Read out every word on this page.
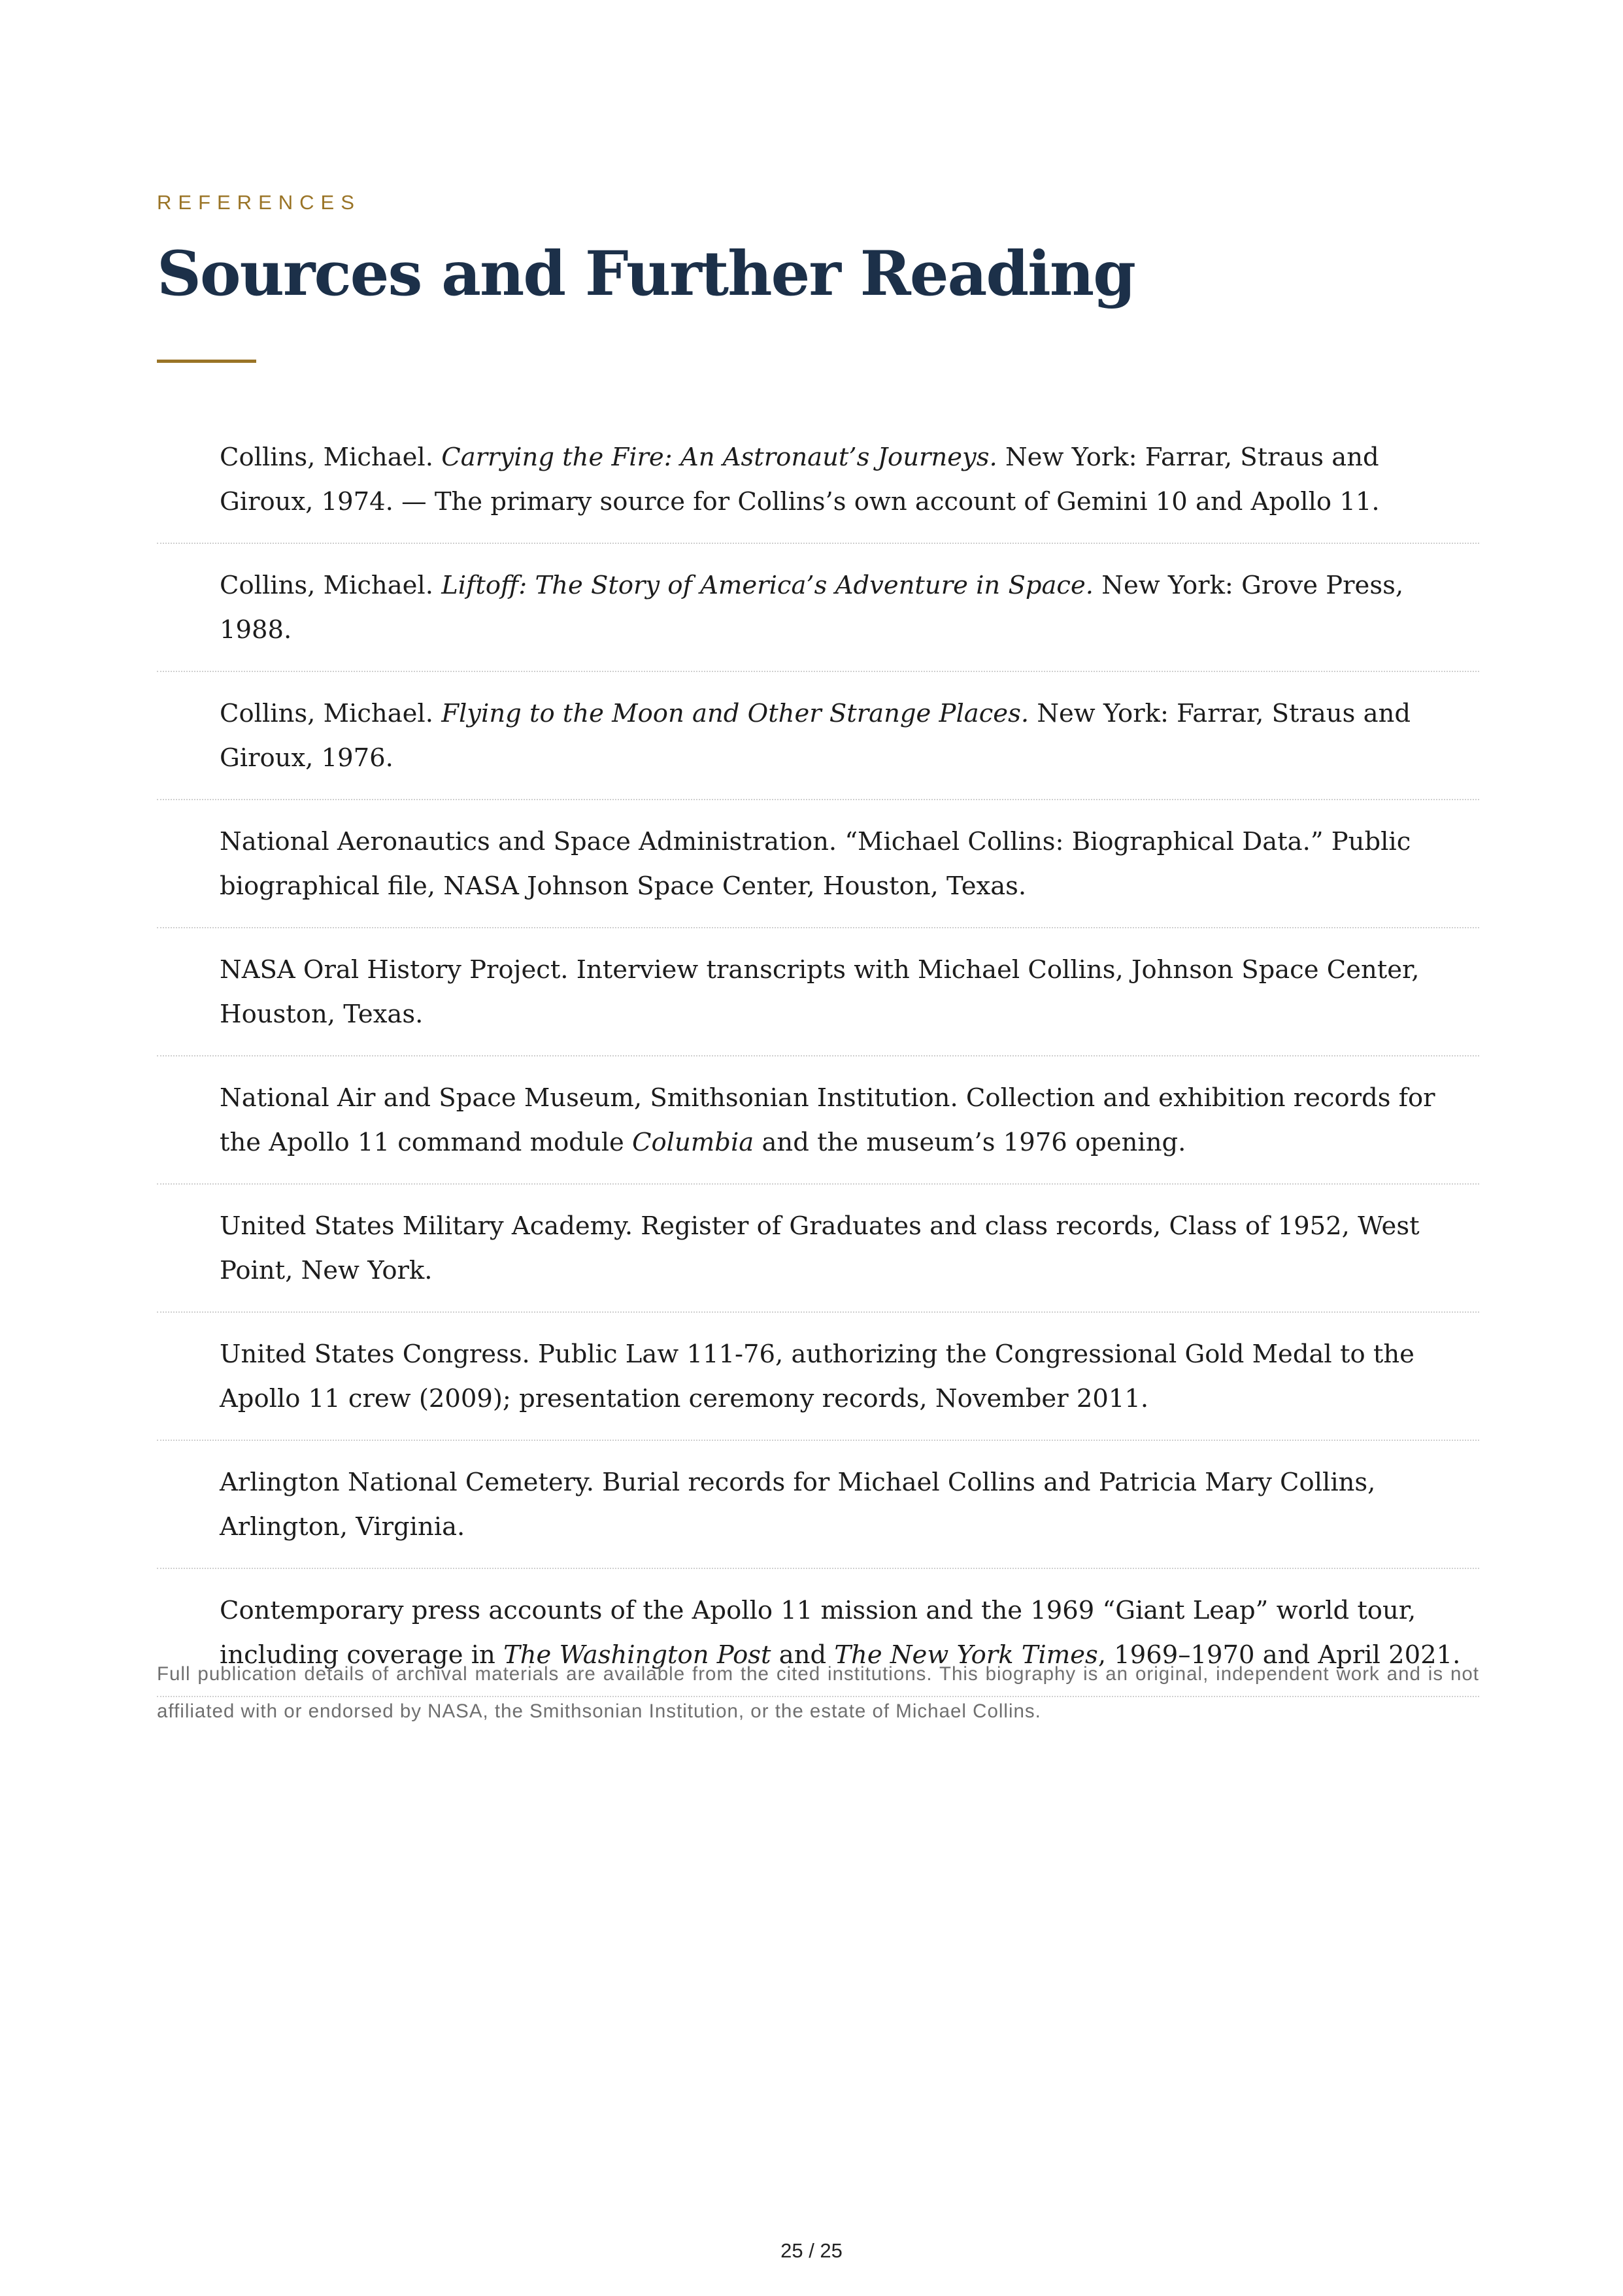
REFERENCES
Sources and Further Reading
Collins, Michael. Carrying the Fire: An Astronaut’s Journeys. New York: Farrar, Straus and Giroux, 1974. — The primary source for Collins’s own account of Gemini 10 and Apollo 11.
Collins, Michael. Liftoff: The Story of America’s Adventure in Space. New York: Grove Press, 1988.
Collins, Michael. Flying to the Moon and Other Strange Places. New York: Farrar, Straus and Giroux, 1976.
National Aeronautics and Space Administration. “Michael Collins: Biographical Data.” Public biographical file, NASA Johnson Space Center, Houston, Texas.
NASA Oral History Project. Interview transcripts with Michael Collins, Johnson Space Center, Houston, Texas.
National Air and Space Museum, Smithsonian Institution. Collection and exhibition records for the Apollo 11 command module Columbia and the museum’s 1976 opening.
United States Military Academy. Register of Graduates and class records, Class of 1952, West Point, New York.
United States Congress. Public Law 111-76, authorizing the Congressional Gold Medal to the Apollo 11 crew (2009); presentation ceremony records, November 2011.
Arlington National Cemetery. Burial records for Michael Collins and Patricia Mary Collins, Arlington, Virginia.
Contemporary press accounts of the Apollo 11 mission and the 1969 “Giant Leap” world tour, including coverage in The Washington Post and The New York Times, 1969–1970 and April 2021.

Full publication details of archival materials are available from the cited institutions. This biography is an original, independent work and is not affiliated with or endorsed by NASA, the Smithsonian Institution, or the estate of Michael Collins.

25 / 25
